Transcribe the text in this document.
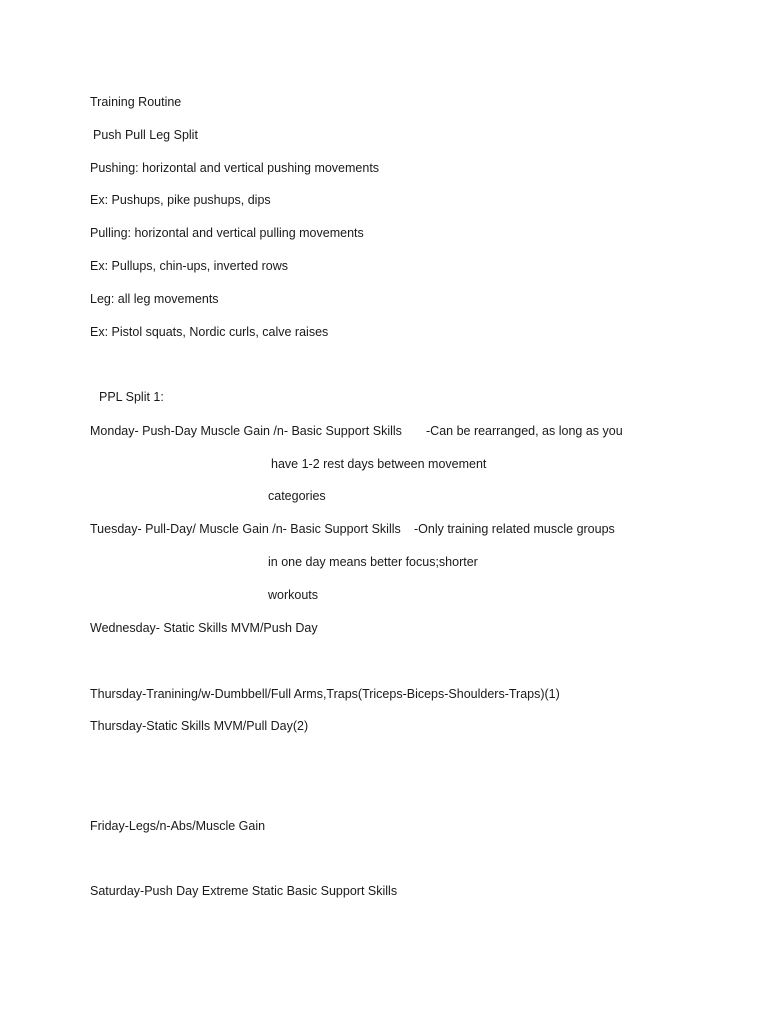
Training Routine

Push Pull Leg Split

Pushing: horizontal and vertical pushing movements

Ex: Pushups, pike pushups, dips

Pulling: horizontal and vertical pulling movements

Ex: Pullups, chin-ups, inverted rows

Leg: all leg movements

Ex: Pistol squats, Nordic curls, calve raises

PPL Split 1:

Monday- Push-Day Muscle Gain /n- Basic Support Skills -Can be rearranged, as long as you

have 1-2 rest days between movement

categories

Tuesday- Pull-Day/ Muscle Gain /n- Basic Support Skills -Only training related muscle groups

in one day means better focus;shorter

workouts

Wednesday- Static Skills MVM/Push Day

Thursday-Tranining/w-Dumbbell/Full Arms,Traps(Triceps-Biceps-Shoulders-Traps)(1)

Thursday-Static Skills MVM/Pull Day(2)

Friday-Legs/n-Abs/Muscle Gain

Saturday-Push Day Extreme Static Basic Support Skills
